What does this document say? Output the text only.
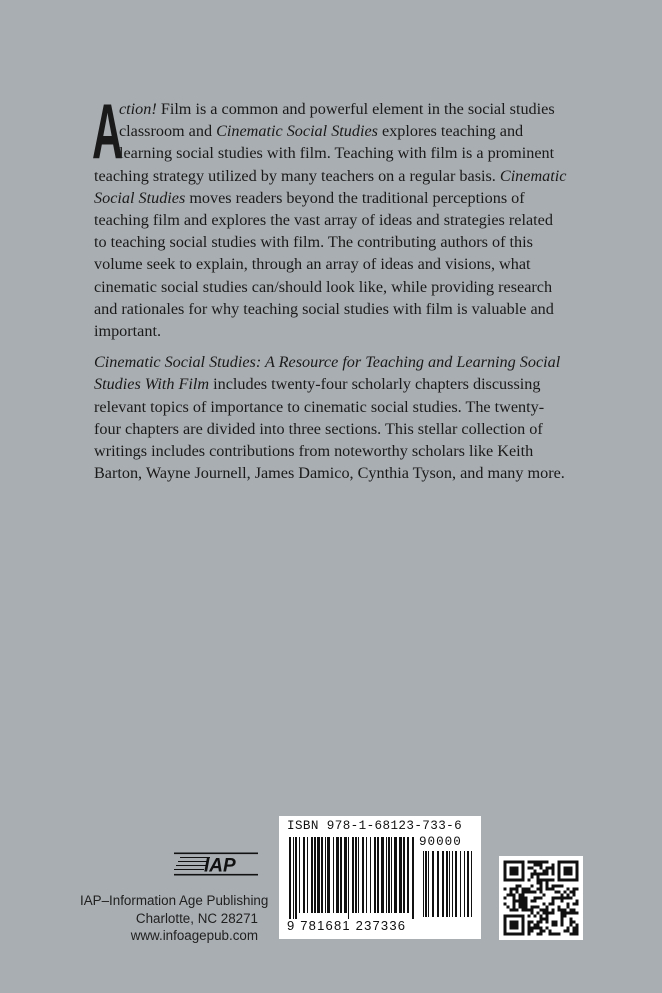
A
ction! Film is a common and powerful element in the social studies classroom and Cinematic Social Studies explores teaching and learning social studies with film. Teaching with film is a prominent teaching strategy utilized by many teachers on a regular basis. Cinematic Social Studies moves readers beyond the traditional perceptions of teaching film and explores the vast array of ideas and strategies related to teaching social studies with film. The contributing authors of this volume seek to explain, through an array of ideas and visions, what cinematic social studies can/should look like, while providing research and rationales for why teaching social studies with film is valuable and important.

Cinematic Social Studies: A Resource for Teaching and Learning Social Studies With Film includes twenty-four scholarly chapters discussing relevant topics of importance to cinematic social studies. The twenty-four chapters are divided into three sections. This stellar collection of writings includes contributions from noteworthy scholars like Keith Barton, Wayne Journell, James Damico, Cynthia Tyson, and many more.

IAP
IAP–Information Age Publishing
Charlotte, NC 28271
www.infoagepub.com
ISBN 978-1-68123-733-6
90000
9 781681 237336
